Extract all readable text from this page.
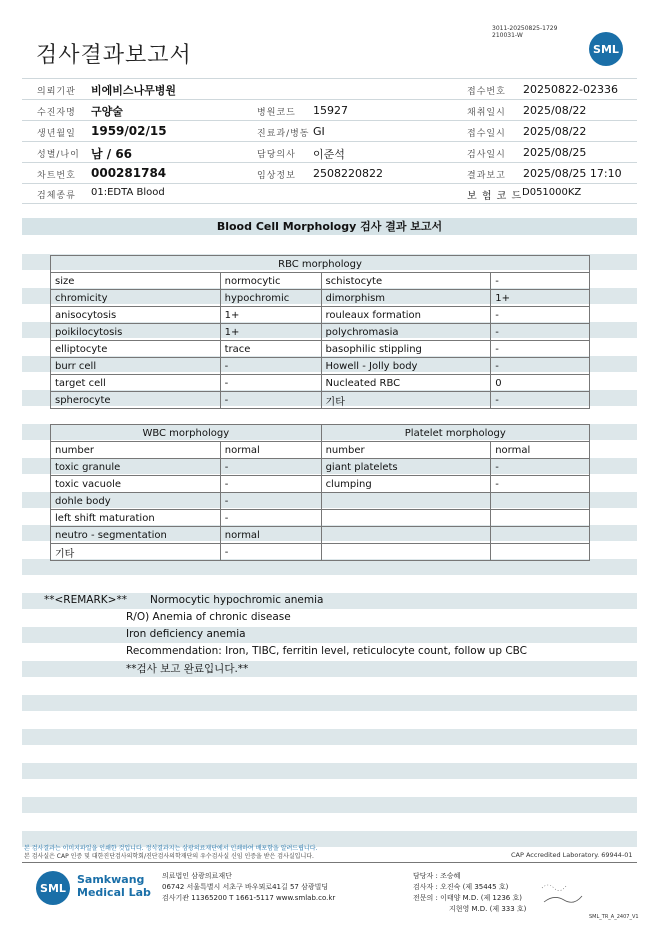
검사결과보고서
3011-20250825-1729
210031-W
SML
의뢰기관 비에비스나무병원	접수번호 20250822-02336
수진자명 구양술	병원코드 15927	채취일시 2025/08/22
생년월일 1959/02/15	진료과/병동 GI	접수일시 2025/08/22
성별/나이 남 / 66	담당의사 이준석	검사일시 2025/08/25
차트번호 000281784	임상정보 2508220822	결과보고 2025/08/25 17:10
검체종류 01:EDTA Blood	보 험 코 드 D051000KZ
Blood Cell Morphology 검사 결과 보고서
RBC morphology			
size	normocytic	schistocyte	-
chromicity	hypochromic	dimorphism	1+
anisocytosis	1+	rouleaux formation	-
poikilocytosis	1+	polychromasia	-
elliptocyte	trace	basophilic stippling	-
burr cell	-	Howell - Jolly body	-
target cell	-	Nucleated RBC	0
spherocyte	-	기타	-
WBC morphology		Platelet morphology	
number	normal	number	normal
toxic granule	-	giant platelets	-
toxic vacuole	-	clumping	-
dohle body	-		
left shift maturation	-		
neutro - segmentation	normal		
기타	-		
**<REMARK>** Normocytic hypochromic anemia
R/O) Anemia of chronic disease
Iron deficiency anemia
Recommendation: Iron, TIBC, ferritin level, reticulocyte count, follow up CBC
**검사 보고 완료입니다.**
본 검사결과는 이미지파일을 인쇄한 것입니다. 정식결과지는 삼광의료재단에서 인쇄하여 배포함을 알려드립니다.
본 검사실은 CAP 인증 및 대한진단검사의학회/진단검사의학재단의 우수검사실 신임 인증을 받은 검사실입니다.	CAP Accredited Laboratory. 69944-01
SML
Samkwang
Medical Lab
의료법인 삼광의료재단
06742 서울특별시 서초구 바우뫼로41길 57 삼광빌딩
검사기관 11365200 T 1661-5117 www.smlab.co.kr
담당자 : 조승혜
검사자 : 오진숙 (제 35445 호)
전문의 : 이태양 M.D. (제 1236 호)
지현영 M.D. (제 333 호)
SML_TR_A_2407_V1
